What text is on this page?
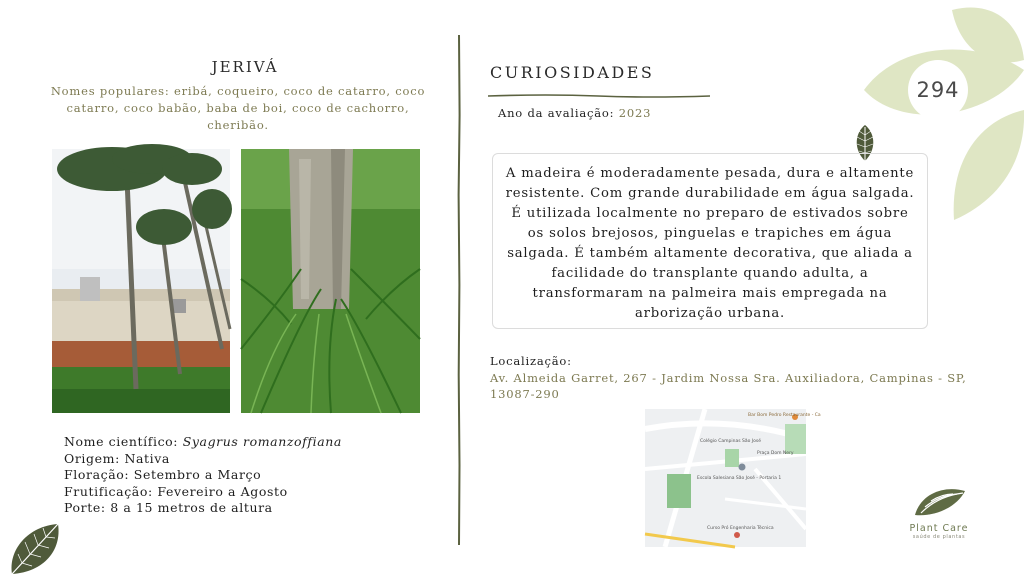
JERIVÁ
Nomes populares: eribá, coqueiro, coco de catarro, coco catarro, coco babão, baba de boi, coco de cachorro, cheribão.
Nome científico: Syagrus romanzoffiana
Origem: Nativa
Floração: Setembro a Março
Frutificação: Fevereiro a Agosto
Porte: 8 a 15 metros de altura
CURIOSIDADES
Ano da avaliação: 2023
A madeira é moderadamente pesada, dura e altamente resistente. Com grande durabilidade em água salgada. É utilizada localmente no preparo de estivados sobre os solos brejosos, pinguelas e trapiches em água salgada. É também altamente decorativa, que aliada a facilidade do transplante quando adulta, a transformaram na palmeira mais empregada na arborização urbana.
Localização:
Av. Almeida Garret, 267 - Jardim Nossa Sra. Auxiliadora, Campinas - SP, 13087-290
Bar Bom Pedro Restaurante - Ca
Colégio Campinas São José
Praça Dom Nery
Escola Salesiana São José - Portaria 1
Curso Pró Engenharia Técnica
294
Plant Care
saúde de plantas
